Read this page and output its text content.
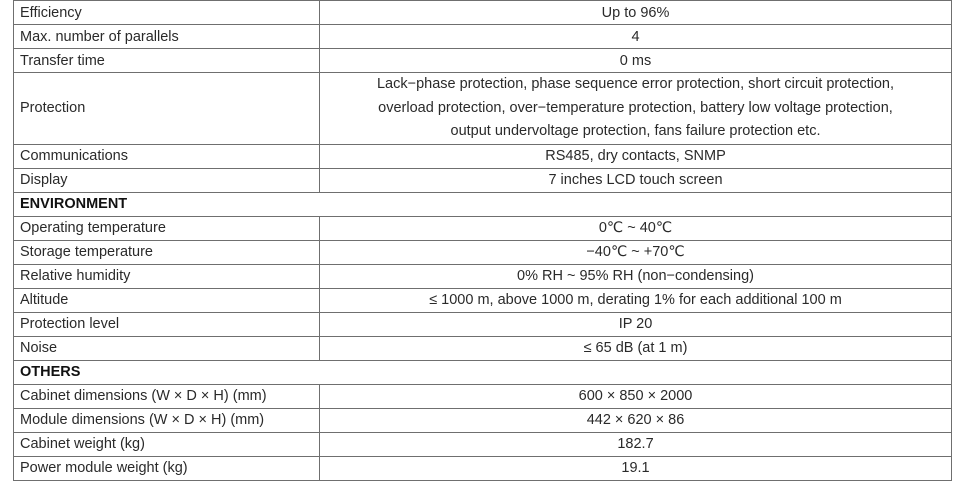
Efficiency	Up to 96%
Max. number of parallels	4
Transfer time	0 ms
Protection	Lack−phase protection, phase sequence error protection, short circuit protection,
overload protection, over−temperature protection, battery low voltage protection,
output undervoltage protection, fans failure protection etc.

Communications	RS485, dry contacts, SNMP
Display	7 inches LCD touch screen
ENVIRONMENT	
Operating temperature	0℃ ~ 40℃
Storage temperature	−40℃ ~ +70℃
Relative humidity	0% RH ~ 95% RH (non−condensing)
Altitude	≤ 1000 m, above 1000 m, derating 1% for each additional 100 m
Protection level	IP 20
Noise	≤ 65 dB (at 1 m)
OTHERS	
Cabinet dimensions (W × D × H) (mm)	600 × 850 × 2000
Module dimensions (W × D × H) (mm)	442 × 620 × 86
Cabinet weight (kg)	182.7
Power module weight (kg)	19.1
